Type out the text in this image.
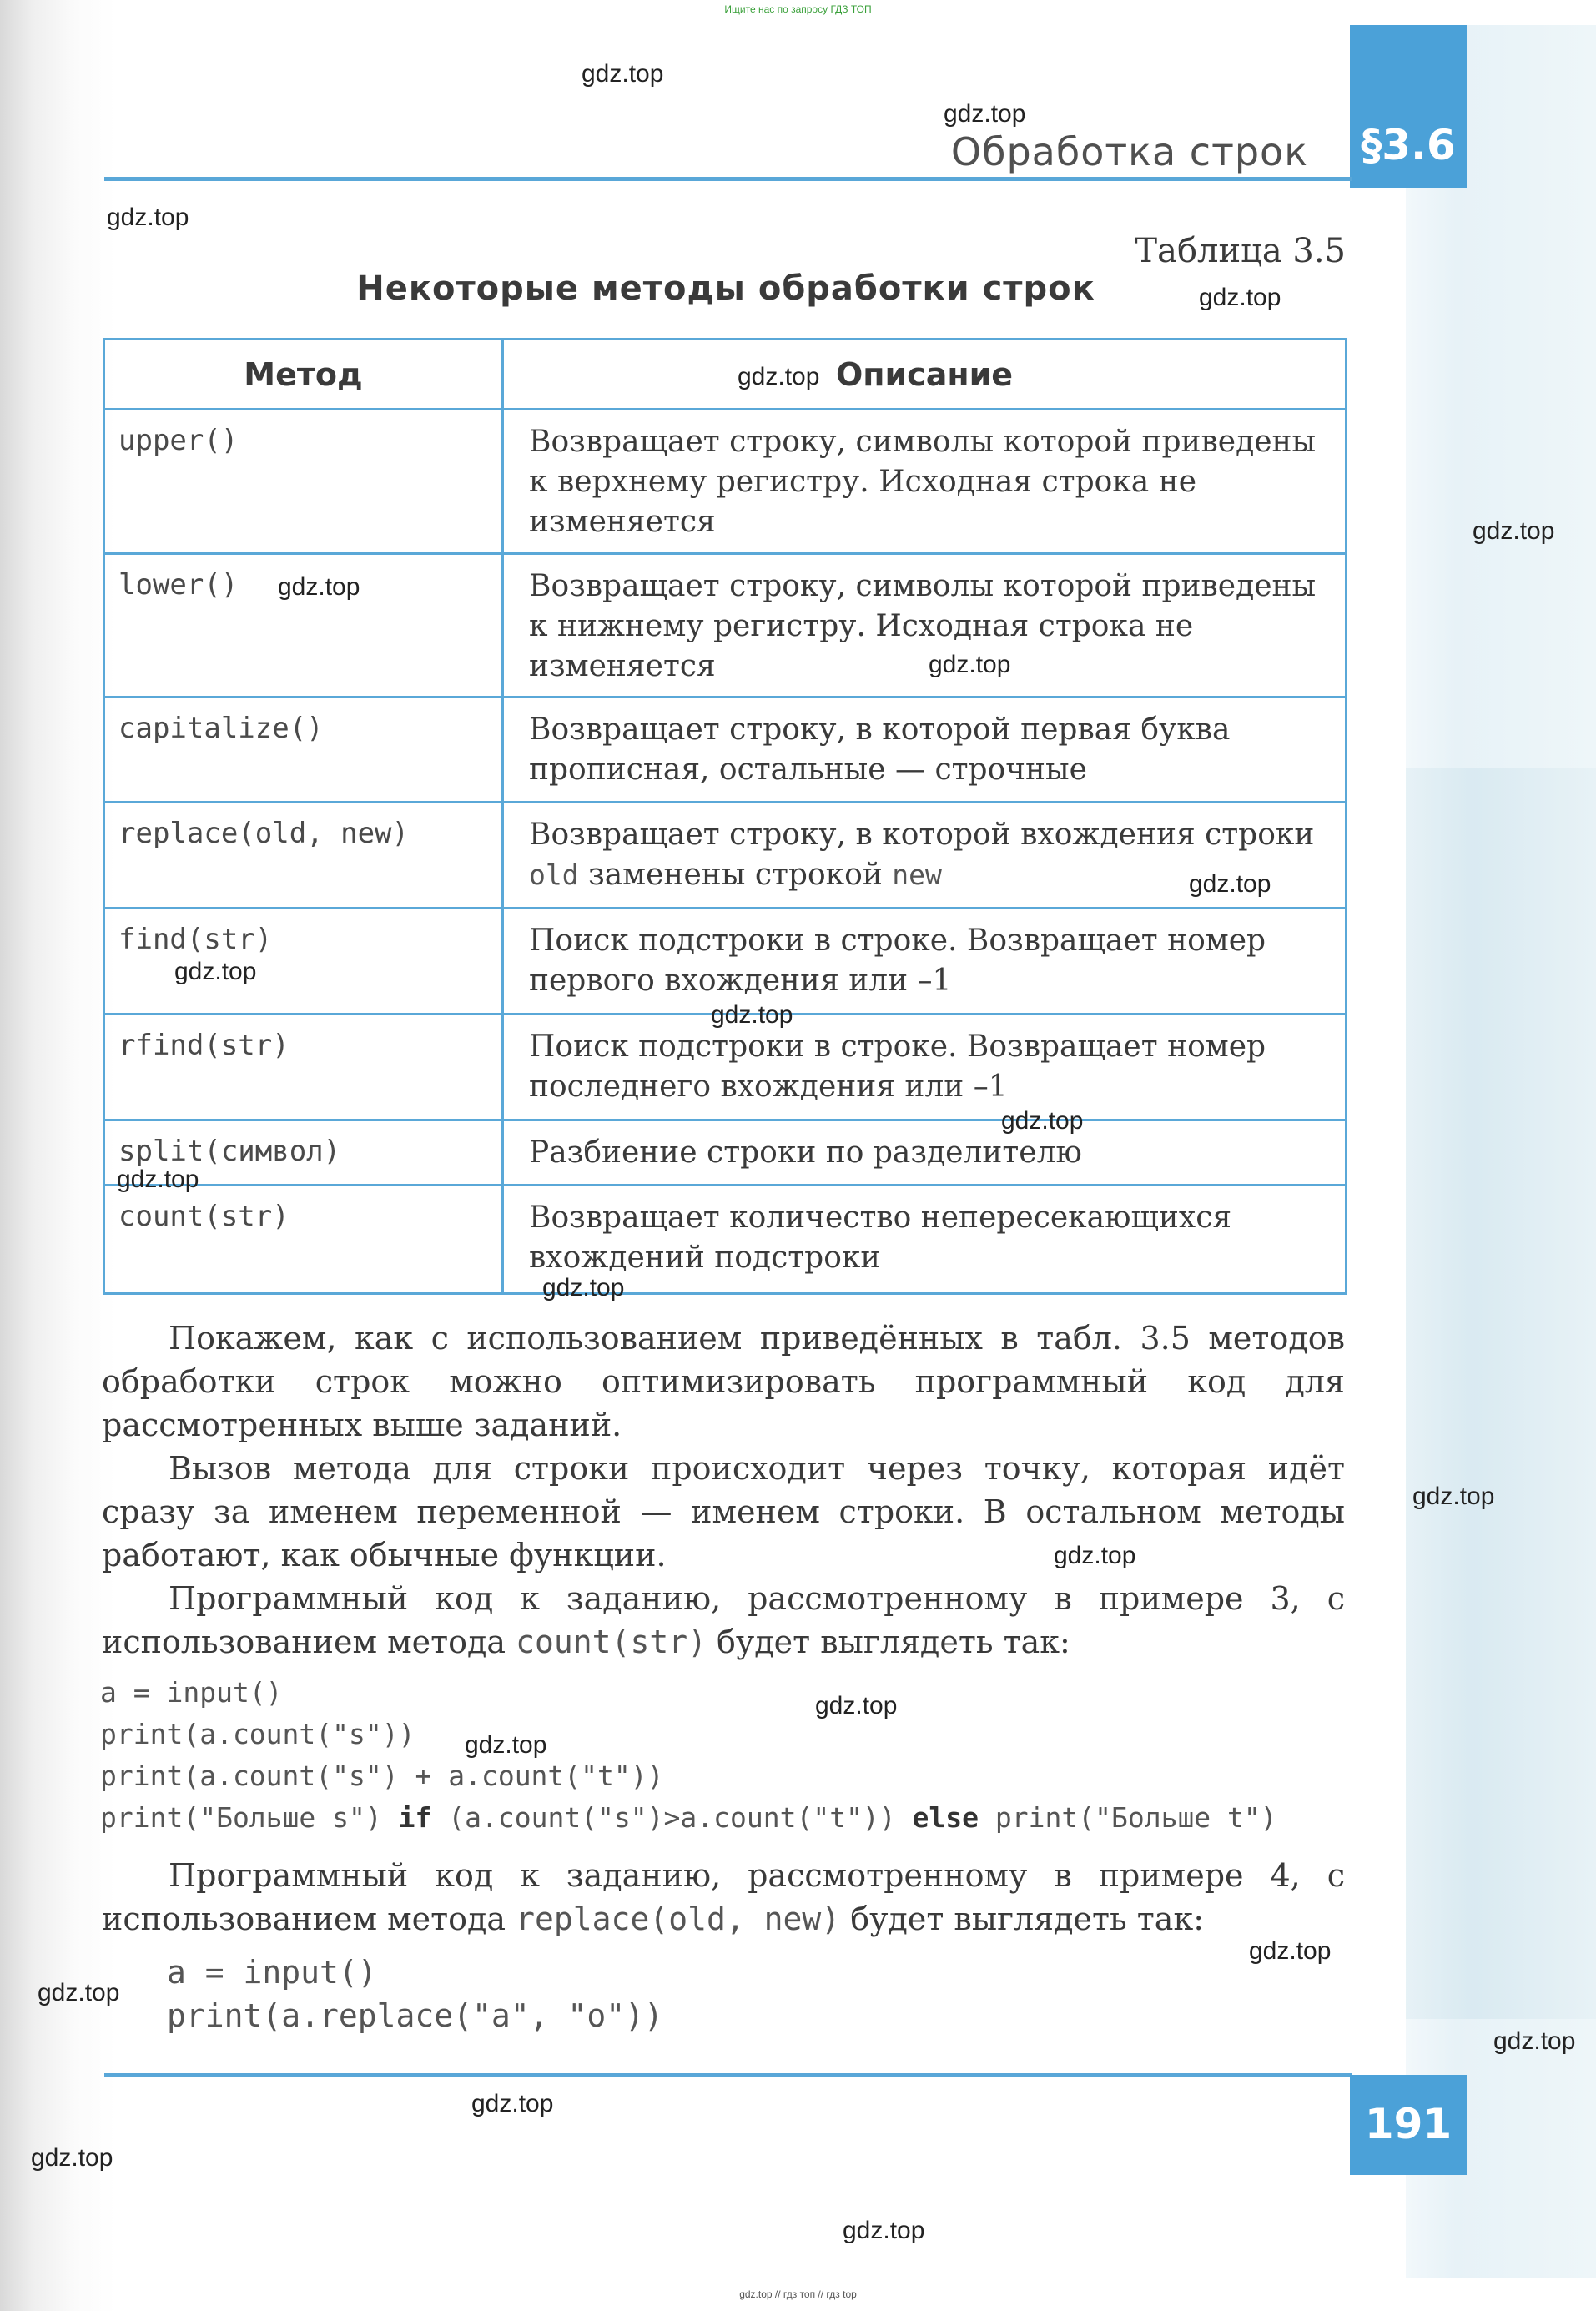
Ищите нас по запросу ГДЗ ТОП
§3.6
Обработка строк
Таблица 3.5
Некоторые методы обработки строк
Метод	Описание
upper()	Возвращает строку, символы которой приведены к верхнему регистру. Исходная строка не изменяется
lower()	Возвращает строку, символы которой приведены к нижнему регистру. Исходная строка не изменяется
capitalize()	Возвращает строку, в которой первая буква прописная, остальные — строчные
replace(old, new)	Возвращает строку, в которой вхождения строки old заменены строкой new
find(str)	Поиск подстроки в строке. Возвращает номер первого вхождения или –1
rfind(str)	Поиск подстроки в строке. Возвращает номер последнего вхождения или –1
split(символ)	Разбиение строки по разделителю
count(str)	Возвращает количество непересекающихся вхождений подстроки

Покажем, как с использованием приведённых в табл. 3.5 методов обработки строк можно оптимизировать программный код для рассмотренных выше заданий.

Вызов метода для строки происходит через точку, которая идёт сразу за именем переменной — именем строки. В остальном методы работают, как обычные функции.

Программный код к заданию, рассмотренному в примере 3, с использованием метода count(str) будет выглядеть так:

a = input()
print(a.count("s"))
print(a.count("s") + a.count("t"))
print("Больше s") if (a.count("s")>a.count("t")) else print("Больше t")

Программный код к заданию, рассмотренному в примере 4, с использованием метода replace(old, new) будет выглядеть так:

a = input()
print(a.replace("a", "o"))
191
gdz.top // гдз топ // гдз top
gdz.top
gdz.top
gdz.top
gdz.top
gdz.top
gdz.top
gdz.top
gdz.top
gdz.top
gdz.top
gdz.top
gdz.top
gdz.top
gdz.top
gdz.top
gdz.top
gdz.top
gdz.top
gdz.top
gdz.top
gdz.top
gdz.top
gdz.top
gdz.top
